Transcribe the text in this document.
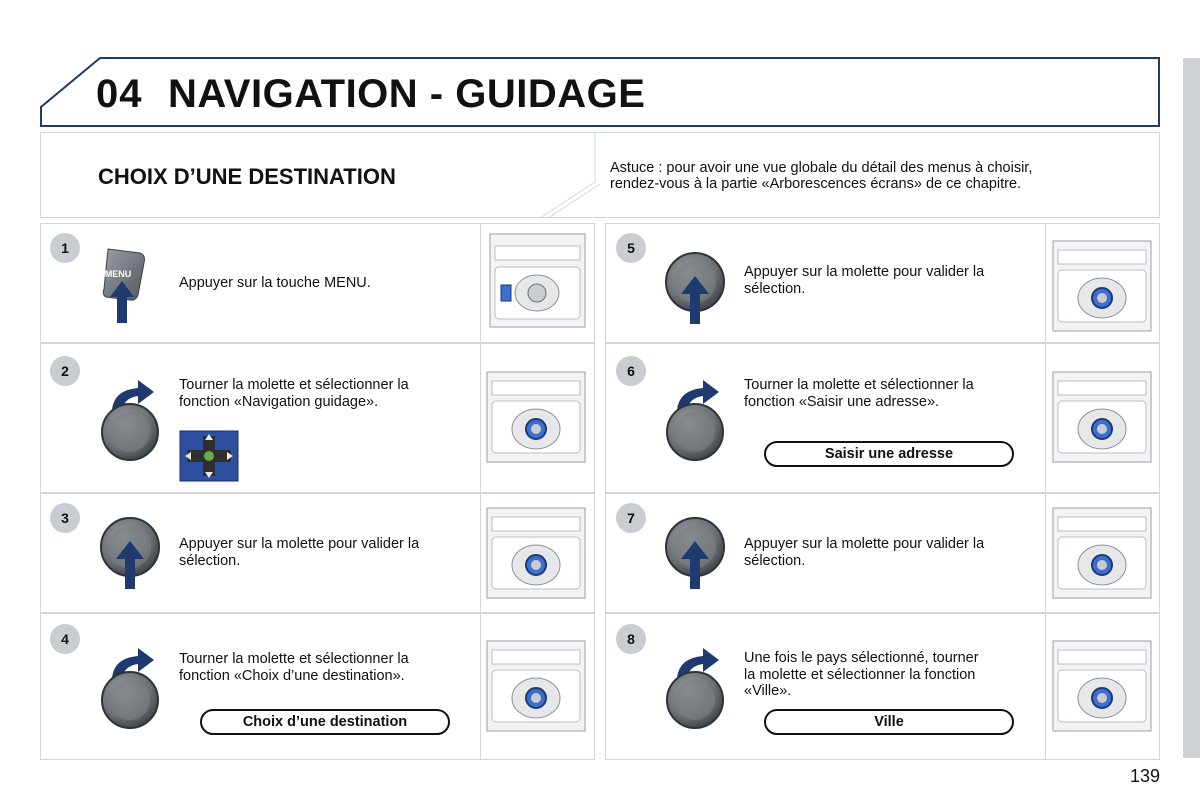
04 NAVIGATION - GUIDAGE
CHOIX D’UNE DESTINATION	Astuce : pour avoir une vue globale du détail des menus à choisir,
rendez-vous à la partie «Arborescences écrans» de ce chapitre.
1
MENU
Appuyer sur la touche MENU.
2
Tourner la molette et sélectionner la
fonction «Navigation guidage».
3
Appuyer sur la molette pour valider la
sélection.
4
Tourner la molette et sélectionner la
fonction «Choix d’une destination».
Choix d’une destination
5
Appuyer sur la molette pour valider la
sélection.
6
Tourner la molette et sélectionner la
fonction «Saisir une adresse».
Saisir une adresse
7
Appuyer sur la molette pour valider la
sélection.
8
Une fois le pays sélectionné, tourner
la molette et sélectionner la fonction
«Ville».
Ville
139
